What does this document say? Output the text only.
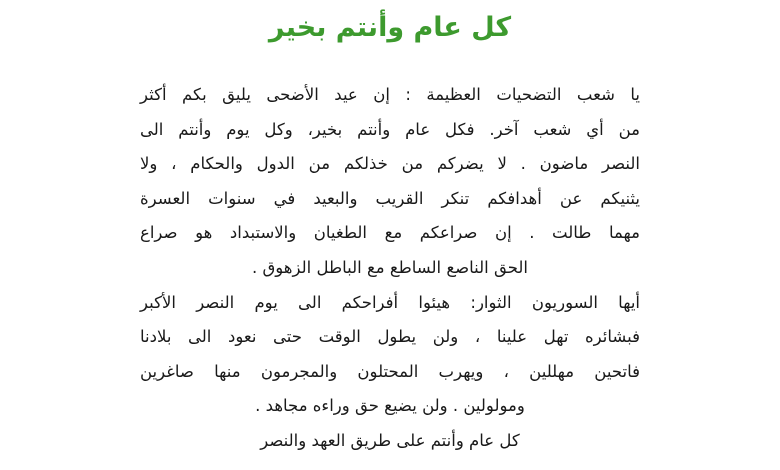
كل عام وأنتم بخير
يا شعب التضحيات العظيمة : إن عيد الأضحى يليق بكم أكثر
من أي شعب آخر. فكل عام وأنتم بخير، وكل يوم وأنتم الى
النصر ماضون . لا يضركم من خذلكم من الدول والحكام ، ولا
يثنيكم عن أهدافكم تنكر القريب والبعيد في سنوات العسرة
مهما طالت . إن صراعكم مع الطغيان والاستبداد هو صراع
الحق الناصع الساطع مع الباطل الزهوق .
أيها السوريون الثوار: هيئوا أفراحكم الى يوم النصر الأكبر
فبشائره تهل علينا ، ولن يطول الوقت حتى نعود الى بلادنا
فاتحين مهللين ، ويهرب المحتلون والمجرمون منها صاغرين
ومولولين . ولن يضيع حق وراءه مجاهد .
كل عام وأنتم على طريق العهد والنصر
